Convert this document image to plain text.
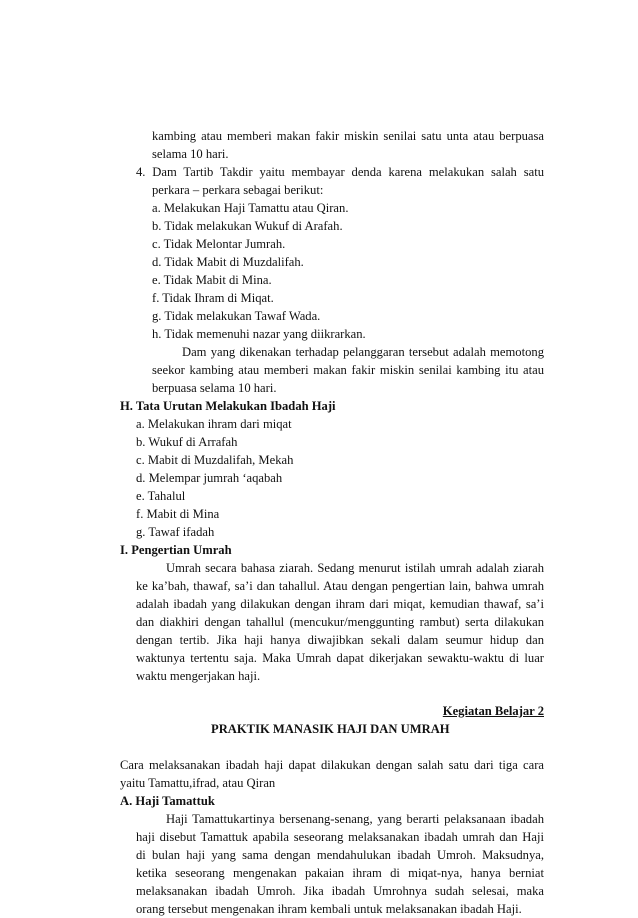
kambing atau memberi makan fakir miskin senilai satu unta atau berpuasa
selama 10 hari.
4. Dam Tartib Takdir yaitu membayar denda karena melakukan salah satu
perkara – perkara sebagai berikut:
a. Melakukan Haji Tamattu atau Qiran.
b. Tidak melakukan Wukuf di Arafah.
c. Tidak Melontar Jumrah.
d. Tidak Mabit di Muzdalifah.
e. Tidak Mabit di Mina.
f. Tidak Ihram di Miqat.
g. Tidak melakukan Tawaf Wada.
h. Tidak memenuhi nazar yang diikrarkan.
Dam yang dikenakan terhadap pelanggaran tersebut adalah memotong
seekor kambing atau memberi makan fakir miskin senilai kambing itu atau
berpuasa selama 10 hari.
H. Tata Urutan Melakukan Ibadah Haji
a. Melakukan ihram dari miqat
b. Wukuf di Arrafah
c. Mabit di Muzdalifah, Mekah
d. Melempar jumrah ‘aqabah
e. Tahalul
f. Mabit di Mina
g. Tawaf ifadah
I. Pengertian Umrah
Umrah secara bahasa ziarah. Sedang menurut istilah umrah adalah ziarah
ke ka’bah, thawaf, sa’i dan tahallul. Atau dengan pengertian lain, bahwa umrah
adalah ibadah yang dilakukan dengan ihram dari miqat, kemudian thawaf, sa’i
dan diakhiri dengan tahallul (mencukur/menggunting rambut) serta dilakukan
dengan tertib. Jika haji hanya diwajibkan sekali dalam seumur hidup dan
waktunya tertentu saja. Maka Umrah dapat dikerjakan sewaktu-waktu di luar
waktu mengerjakan haji.
Kegiatan Belajar 2
PRAKTIK MANASIK HAJI DAN UMRAH
Cara melaksanakan ibadah haji dapat dilakukan dengan salah satu dari tiga cara
yaitu Tamattu,ifrad, atau Qiran
A. Haji Tamattuk
Haji Tamattukartinya bersenang-senang, yang berarti pelaksanaan ibadah
haji disebut Tamattuk apabila seseorang melaksanakan ibadah umrah dan Haji
di bulan haji yang sama dengan mendahulukan ibadah Umroh. Maksudnya,
ketika seseorang mengenakan pakaian ihram di miqat-nya, hanya berniat
melaksanakan ibadah Umroh. Jika ibadah Umrohnya sudah selesai, maka
orang tersebut mengenakan ihram kembali untuk melaksanakan ibadah Haji.
